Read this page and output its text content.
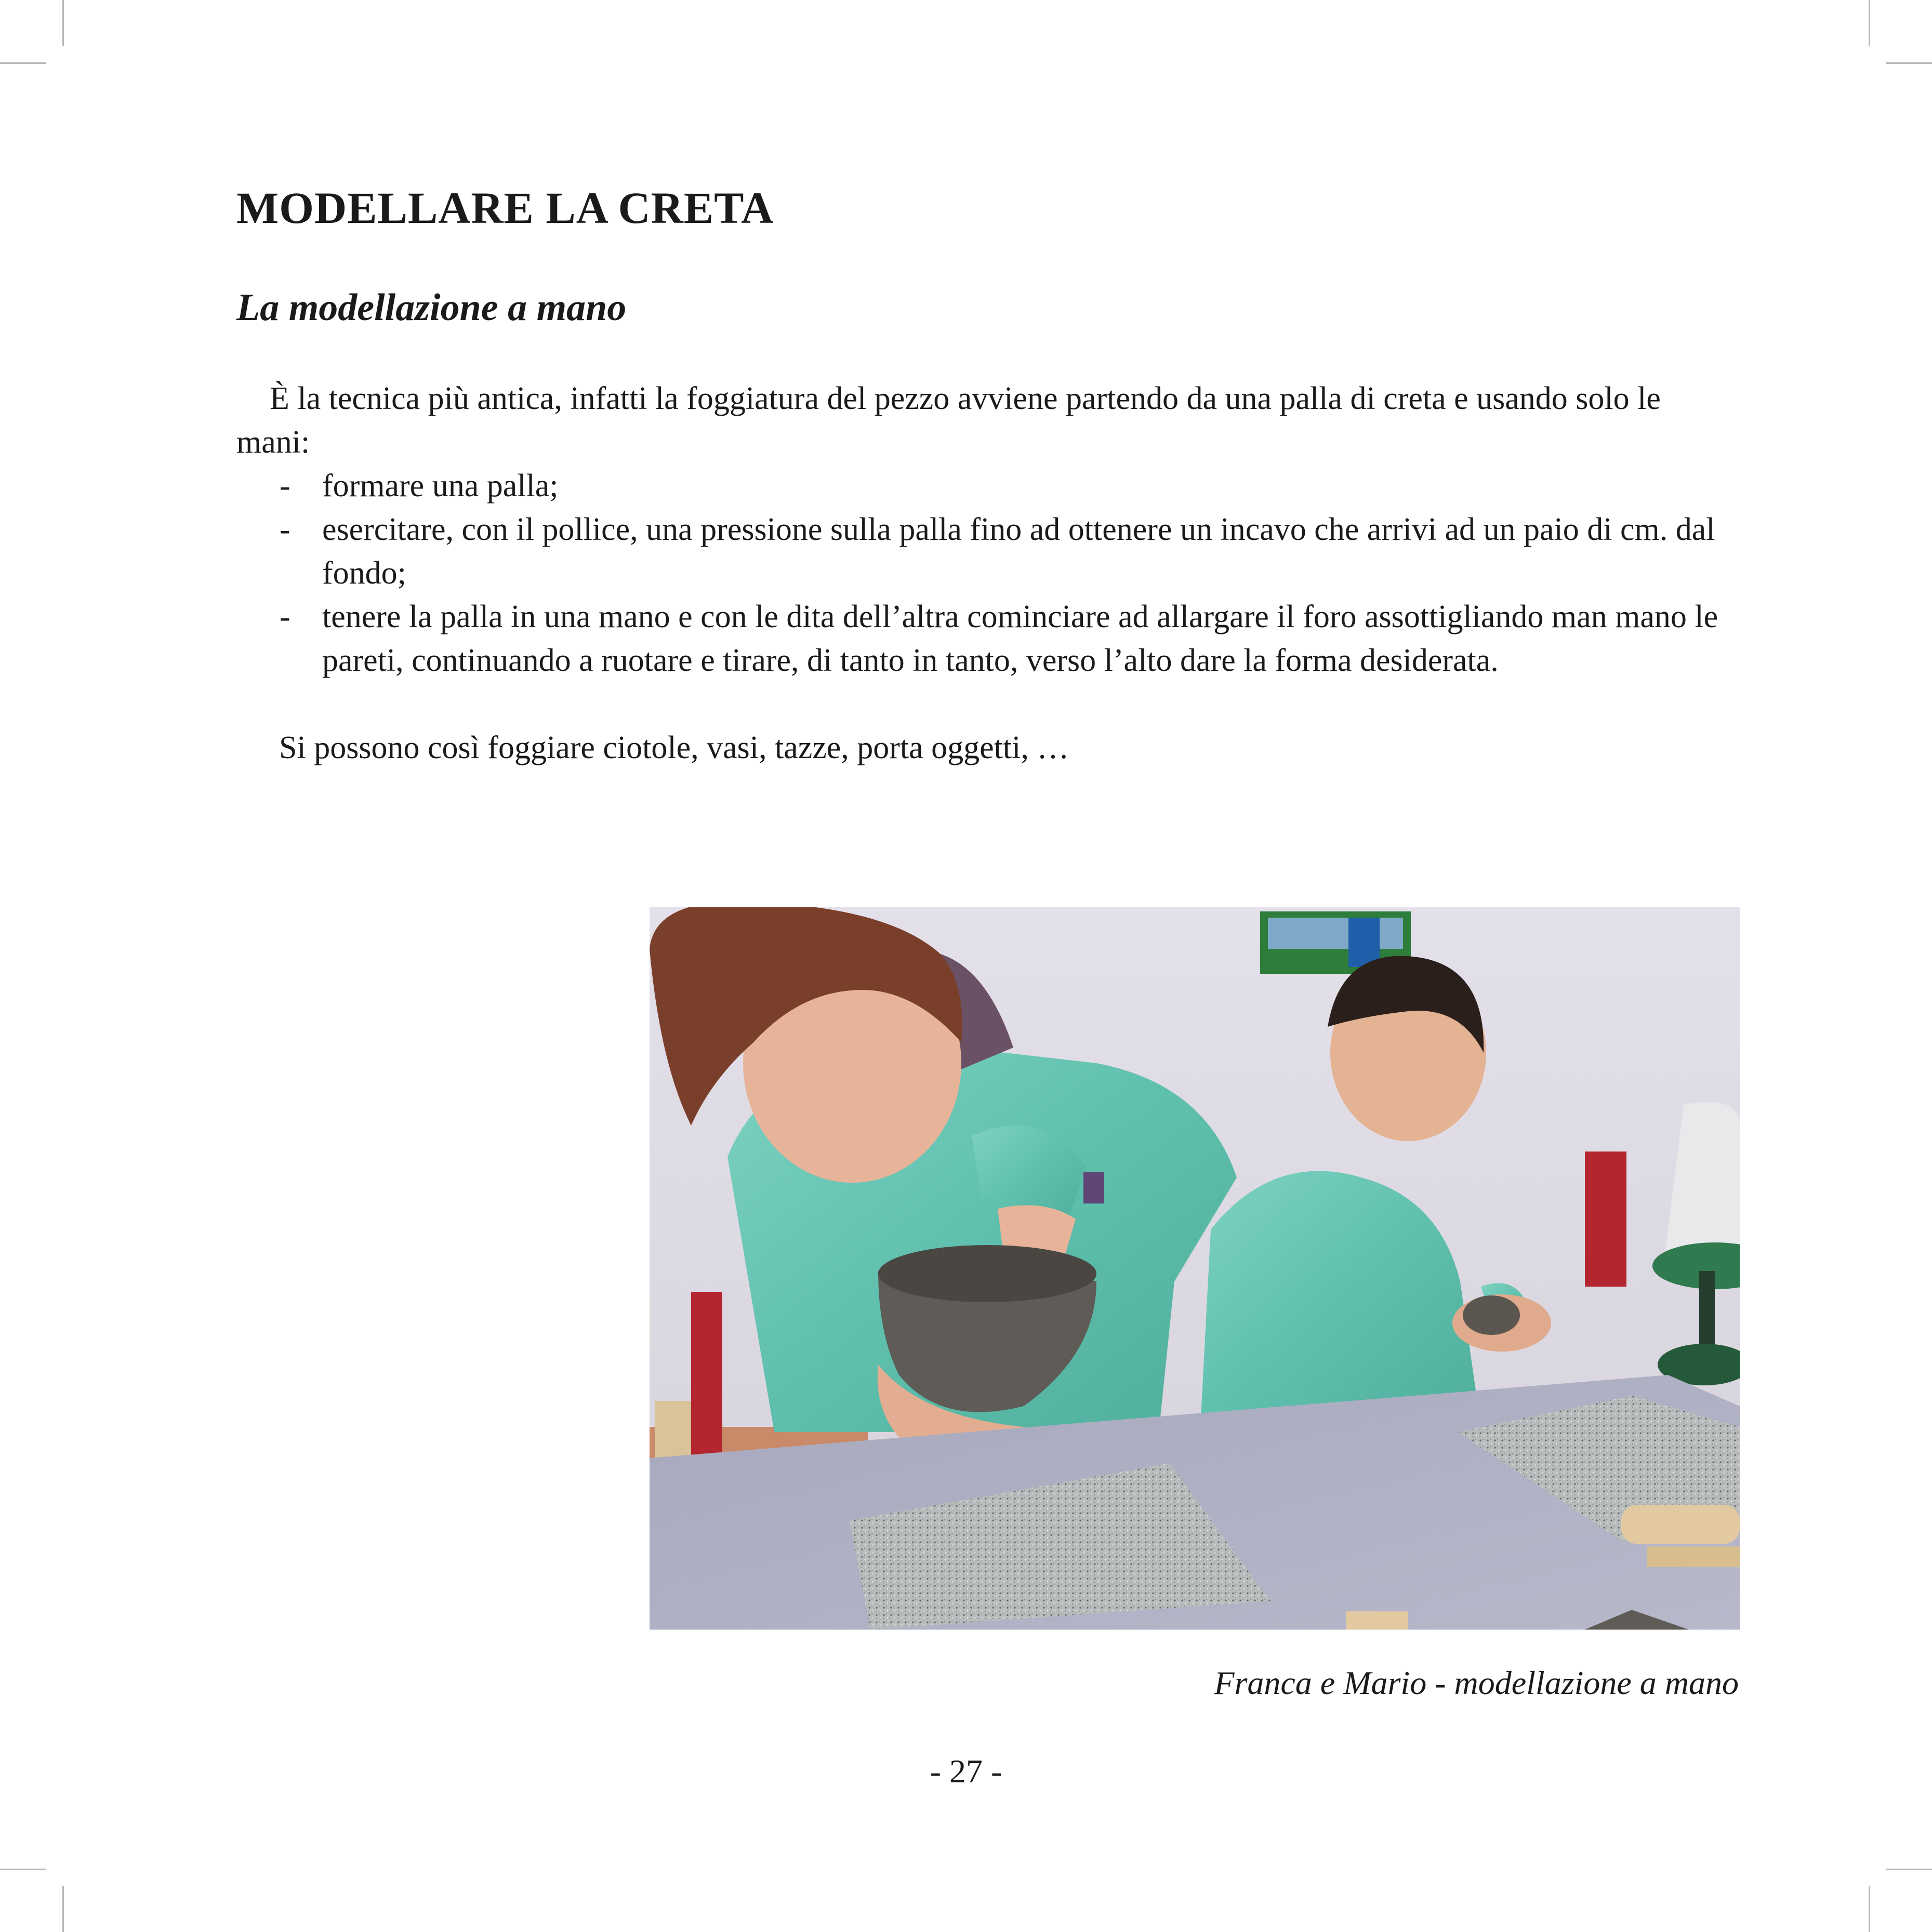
MODELLARE LA CRETA
La modellazione a mano

È la tecnica più antica, infatti la foggiatura del pezzo avviene partendo da una palla di creta e usando solo le mani:

- formare una palla;
- esercitare, con il pollice, una pressione sulla palla fino ad ottenere un incavo che arrivi ad un paio di cm. dal fondo;
- tenere la palla in una mano e con le dita dell’altra cominciare ad allargare il foro assottigliando man mano le pareti, continuando a ruotare e tirare, di tanto in tanto, verso l’alto dare la forma desiderata.

Si possono così foggiare ciotole, vasi, tazze, porta oggetti, …

Franca e Mario - modellazione a mano

- 27 -
